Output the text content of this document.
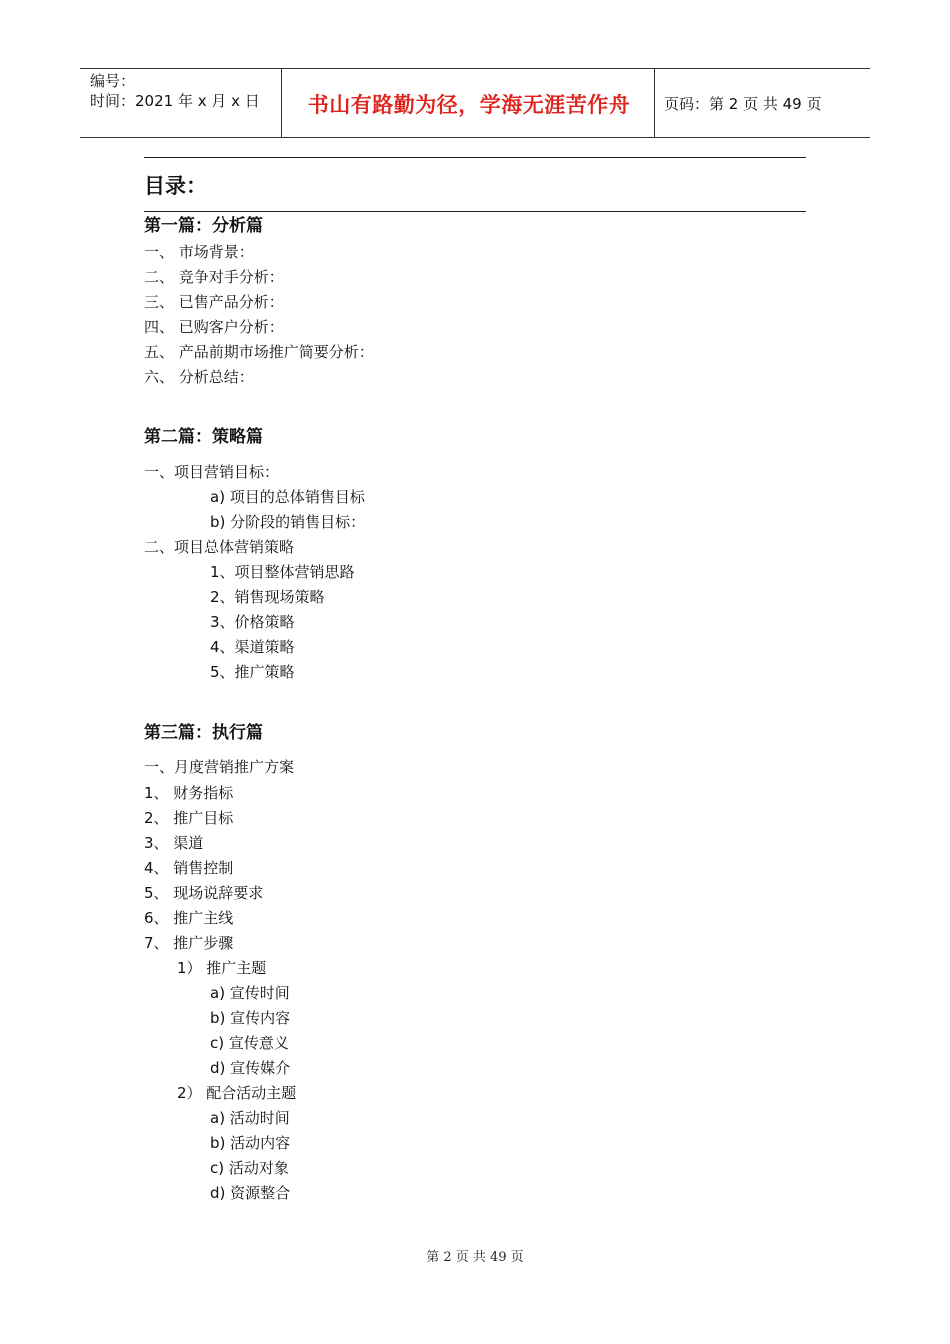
编号：
时间：2021 年 x 月 x 日	书山有路勤为径，学海无涯苦作舟	页码：第 2 页 共 49 页
目录：
第一篇：分析篇
一、 市场背景：
二、 竞争对手分析：
三、 已售产品分析：
四、 已购客户分析：
五、 产品前期市场推广简要分析：
六、 分析总结：
第二篇：策略篇
一、项目营销目标：
a) 项目的总体销售目标
b) 分阶段的销售目标：
二、项目总体营销策略
1、项目整体营销思路
2、销售现场策略
3、价格策略
4、渠道策略
5、推广策略
第三篇：执行篇
一、月度营销推广方案
1、 财务指标
2、 推广目标
3、 渠道
4、 销售控制
5、 现场说辞要求
6、 推广主线
7、 推广步骤
1） 推广主题
a) 宣传时间
b) 宣传内容
c) 宣传意义
d) 宣传媒介
2） 配合活动主题
a) 活动时间
b) 活动内容
c) 活动对象
d) 资源整合
第 2 页 共 49 页
